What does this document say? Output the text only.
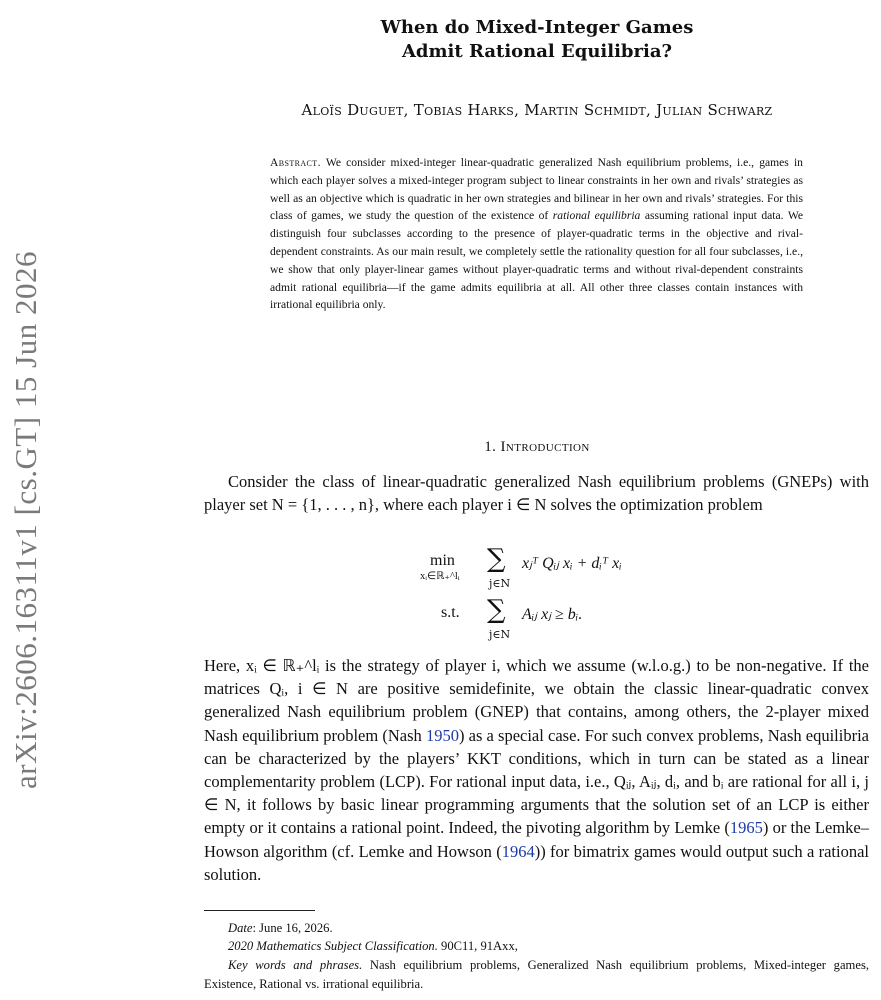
arXiv:2606.16311v1 [cs.GT] 15 Jun 2026
When do Mixed-Integer Games
Admit Rational Equilibria?
Aloïs Duguet, Tobias Harks, Martin Schmidt, Julian Schwarz
Abstract. We consider mixed-integer linear-quadratic generalized Nash equilibrium problems, i.e., games in which each player solves a mixed-integer program subject to linear constraints in her own and rivals’ strategies as well as an objective which is quadratic in her own strategies and bilinear in her own and rivals’ strategies. For this class of games, we study the question of the existence of rational equilibria assuming rational input data. We distinguish four subclasses according to the presence of player-quadratic terms in the objective and rival-dependent constraints. As our main result, we completely settle the rationality question for all four subclasses, i.e., we show that only player-linear games without player-quadratic terms and without rival-dependent constraints admit rational equilibria—if the game admits equilibria at all. All other three classes contain instances with irrational equilibria only.
1. Introduction
Consider the class of linear-quadratic generalized Nash equilibrium problems (GNEPs) with player set N = {1, . . . , n}, where each player i ∈ N solves the optimization problem
min
xᵢ∈ℝ₊^lᵢ
∑
j∈N
xⱼᵀ Qᵢⱼ xᵢ + dᵢᵀ xᵢ
s.t. ∑
j∈N
Aᵢⱼ xⱼ ≥ bᵢ.
Here, xᵢ ∈ ℝ₊^lᵢ is the strategy of player i, which we assume (w.l.o.g.) to be non-negative. If the matrices Qᵢ, i ∈ N are positive semidefinite, we obtain the classic linear-quadratic convex generalized Nash equilibrium problem (GNEP) that contains, among others, the 2-player mixed Nash equilibrium problem (Nash 1950) as a special case. For such convex problems, Nash equilibria can be characterized by the players’ KKT conditions, which in turn can be stated as a linear complementarity problem (LCP). For rational input data, i.e., Qᵢⱼ, Aᵢⱼ, dᵢ, and bᵢ are rational for all i, j ∈ N, it follows by basic linear programming arguments that the solution set of an LCP is either empty or it contains a rational point. Indeed, the pivoting algorithm by Lemke (1965) or the Lemke–Howson algorithm (cf. Lemke and Howson (1964)) for bimatrix games would output such a rational solution.
Date: June 16, 2026.
2020 Mathematics Subject Classification. 90C11, 91Axx,
Key words and phrases. Nash equilibrium problems, Generalized Nash equilibrium problems, Mixed-integer games, Existence, Rational vs. irrational equilibria.
